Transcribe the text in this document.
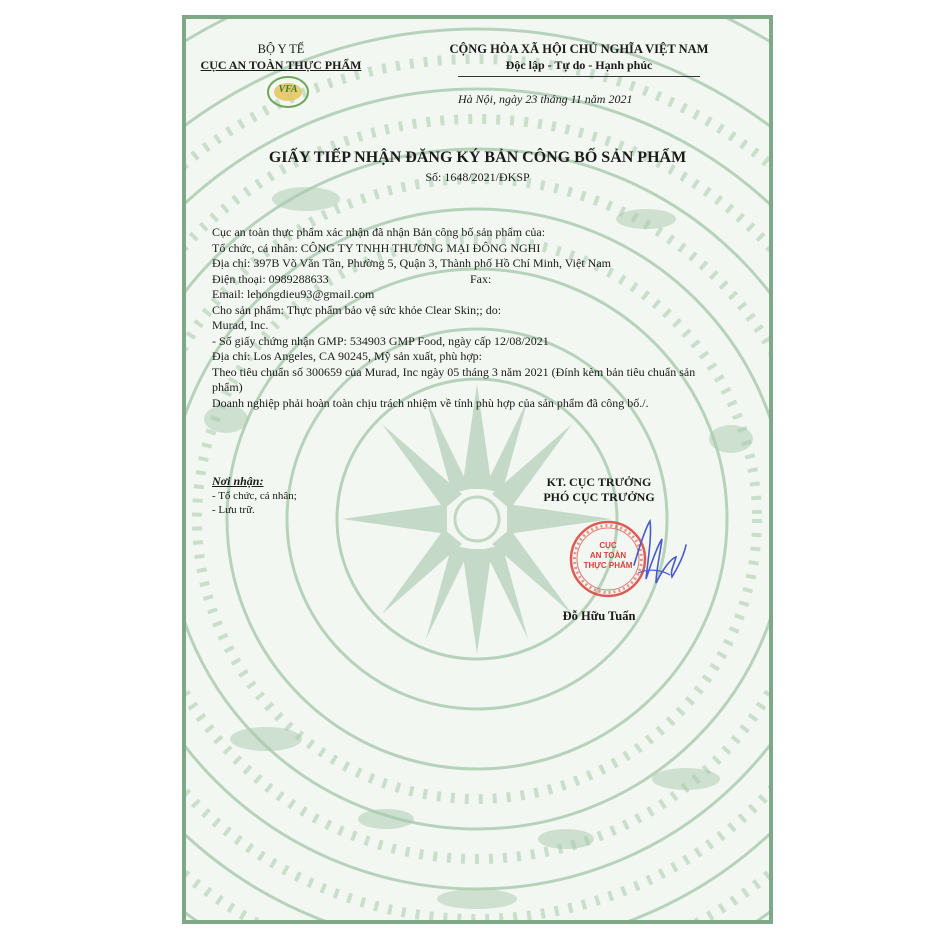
BỘ Y TẾ
CỤC AN TOÀN THỰC PHẨM
VFA
CỘNG HÒA XÃ HỘI CHỦ NGHĨA VIỆT NAM
Độc lập - Tự do - Hạnh phúc
Hà Nội, ngày 23 tháng 11 năm 2021
GIẤY TIẾP NHẬN ĐĂNG KÝ BẢN CÔNG BỐ SẢN PHẨM
Số: 1648/2021/ĐKSP
Cục an toàn thực phẩm xác nhận đã nhận Bản công bố sản phẩm của:
Tổ chức, cá nhân: CÔNG TY TNHH THƯƠNG MẠI ĐÔNG NGHI
Địa chỉ: 397B Võ Văn Tần, Phường 5, Quận 3, Thành phố Hồ Chí Minh, Việt Nam
Điện thoại: 0989288633	Fax:
Email: lehongdieu93@gmail.com
Cho sản phẩm: Thực phẩm bảo vệ sức khỏe Clear Skin;; do:
Murad, Inc.
- Số giấy chứng nhận GMP: 534903 GMP Food, ngày cấp 12/08/2021
Địa chỉ: Los Angeles, CA 90245, Mỹ sản xuất, phù hợp:
Theo tiêu chuẩn số 300659 của Murad, Inc ngày 05 tháng 3 năm 2021 (Đính kèm bản tiêu chuẩn sản phẩm)
Doanh nghiệp phải hoàn toàn chịu trách nhiệm về tính phù hợp của sản phẩm đã công bố./.
Nơi nhận:
- Tổ chức, cá nhân;
- Lưu trữ.
KT. CỤC TRƯỞNG
PHÓ CỤC TRƯỞNG
CỤC
AN TOÀN
THỰC PHẨM
Đỗ Hữu Tuấn
